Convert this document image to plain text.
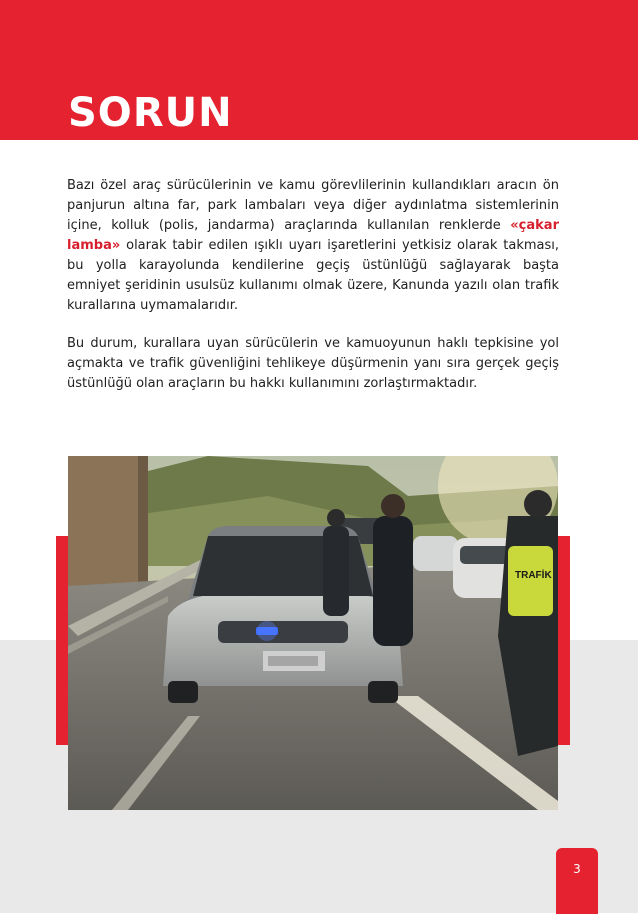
SORUN

Bazı özel araç sürücülerinin ve kamu görevlilerinin kullandıkları aracın ön panjurun altına far, park lambaları veya diğer aydınlatma sistemlerinin içine, kolluk (polis, jandarma) araçlarında kullanılan renklerde «çakar lamba» olarak tabir edilen ışıklı uyarı işaretlerini yetkisiz olarak takması, bu yolla karayolunda kendilerine geçiş üstünlüğü sağlayarak başta emniyet şeridinin usulsüz kullanımı olmak üzere, Kanunda yazılı olan trafik kurallarına uymamalarıdır.

Bu durum, kurallara uyan sürücülerin ve kamuoyunun haklı tepkisine yol açmakta ve trafik güvenliğini tehlikeye düşürmenin yanı sıra gerçek geçiş üstünlüğü olan araçların bu hakkı kullanımını zorlaştırmaktadır.

TRAFİK
3
